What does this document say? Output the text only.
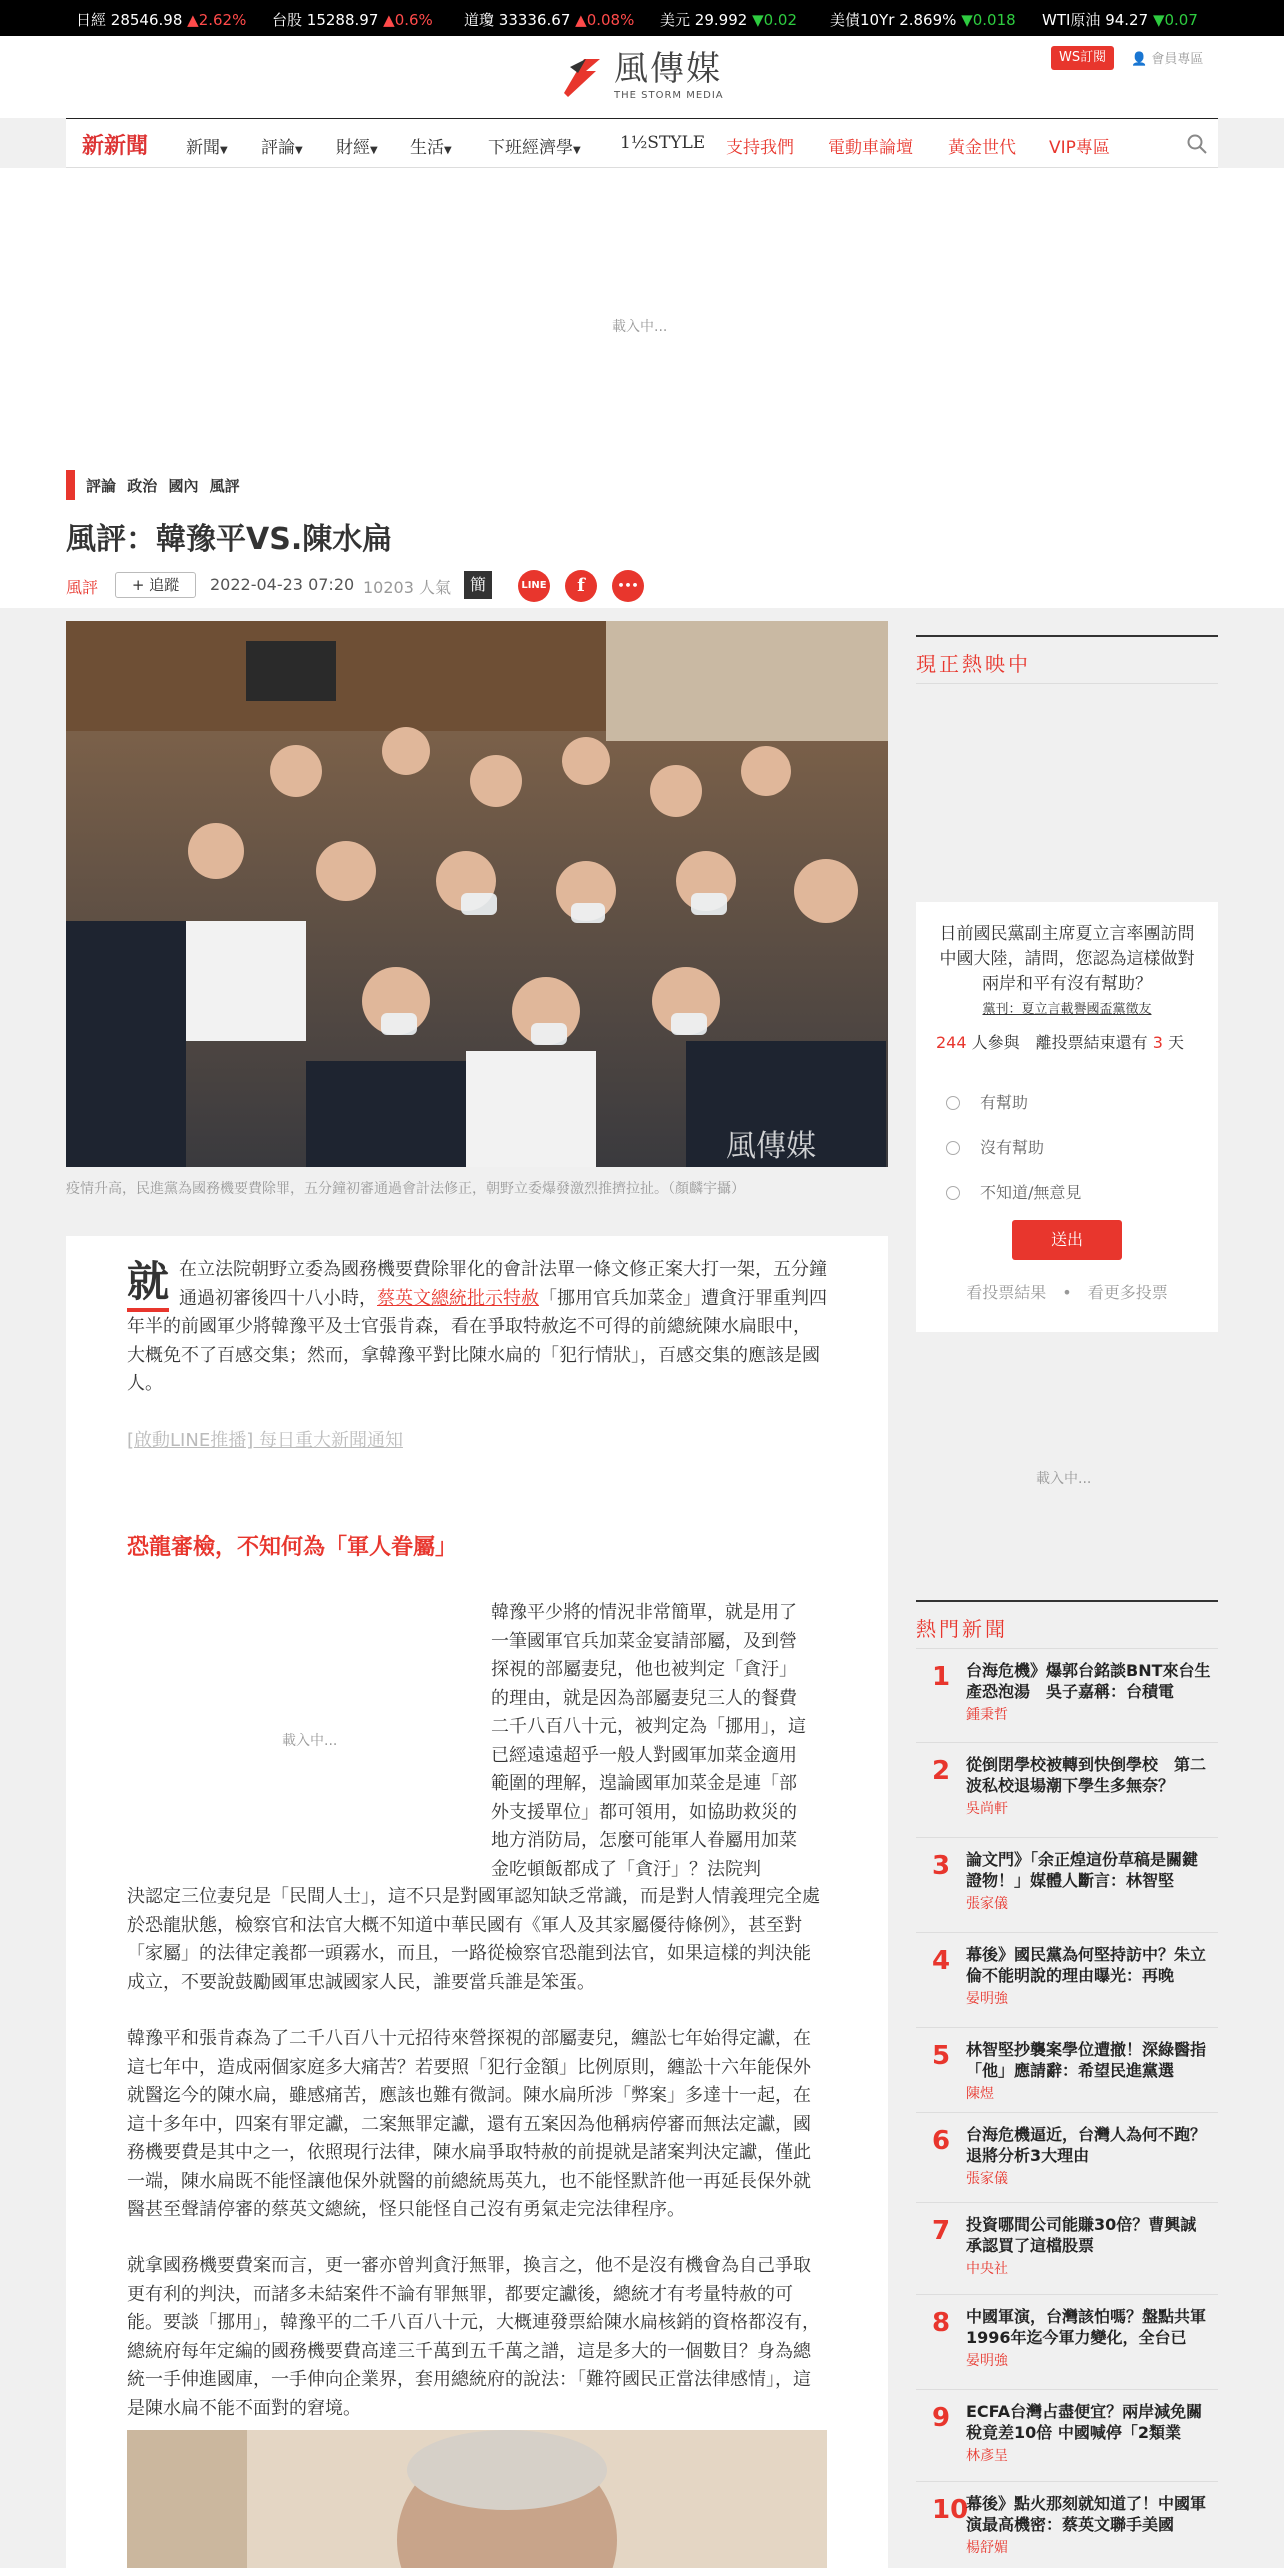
日經 28546.98 ▲2.62% 台股 15288.97 ▲0.6% 道瓊 33336.67 ▲0.08% 美元 29.992 ▼0.02 美債10Yr 2.869% ▼0.018 WTI原油 94.27 ▼0.07
風傳媒
THE STORM MEDIA
WS訂閱	👤 會員專區
新新聞 新聞▼ 評論▼ 財經▼ 生活▼ 下班經濟學▼ 1½STYLE 支持我們 電動車論壇 黃金世代 VIP專區
載入中...
評論 政治 國內 風評
風評：韓豫平VS.陳水扁
風評	+ 追蹤	2022-04-23 07:20 10203 人氣	簡	LINE	f	•••
風傳媒
疫情升高，民進黨為國務機要費除罪，五分鐘初審通過會計法修正，朝野立委爆發激烈推擠拉扯。（顏麟宇攝）
就 在立法院朝野立委為國務機要費除罪化的會計法單一條文修正案大打一架，五分鐘通過初審後四十八小時，蔡英文總統批示特赦「挪用官兵加菜金」遭貪汙罪重判四年半的前國軍少將韓豫平及士官張肯森，看在爭取特赦迄不可得的前總統陳水扁眼中，大概免不了百感交集；然而，拿韓豫平對比陳水扁的「犯行情狀」，百感交集的應該是國人。
[啟動LINE推播] 每日重大新聞通知
恐龍審檢，不知何為「軍人眷屬」
載入中...
韓豫平少將的情況非常簡單，就是用了一筆國軍官兵加菜金宴請部屬，及到營探視的部屬妻兒，他也被判定「貪汙」的理由，就是因為部屬妻兒三人的餐費二千八百八十元，被判定為「挪用」，這已經遠遠超乎一般人對國軍加菜金適用範圍的理解，遑論國軍加菜金是連「部外支援單位」都可領用，如協助救災的地方消防局，怎麼可能軍人眷屬用加菜金吃頓飯都成了「貪汙」？法院判
決認定三位妻兒是「民間人士」，這不只是對國軍認知缺乏常識，而是對人情義理完全處於恐龍狀態，檢察官和法官大概不知道中華民國有《軍人及其家屬優待條例》，甚至對「家屬」的法律定義都一頭霧水，而且，一路從檢察官恐龍到法官，如果這樣的判決能成立，不要說鼓勵國軍忠誠國家人民，誰要當兵誰是笨蛋。
韓豫平和張肯森為了二千八百八十元招待來營探視的部屬妻兒，纏訟七年始得定讞，在這七年中，造成兩個家庭多大痛苦？若要照「犯行金額」比例原則，纏訟十六年能保外就醫迄今的陳水扁，雖感痛苦，應該也難有微詞。陳水扁所涉「弊案」多達十一起，在這十多年中，四案有罪定讞，二案無罪定讞，還有五案因為他稱病停審而無法定讞，國務機要費是其中之一，依照現行法律，陳水扁爭取特赦的前提就是諸案判決定讞，僅此一端，陳水扁既不能怪讓他保外就醫的前總統馬英九，也不能怪默許他一再延長保外就醫甚至聲請停審的蔡英文總統，怪只能怪自己沒有勇氣走完法律程序。
就拿國務機要費案而言，更一審亦曾判貪汙無罪，換言之，他不是沒有機會為自己爭取更有利的判決，而諸多未結案件不論有罪無罪，都要定讞後，總統才有考量特赦的可能。要談「挪用」，韓豫平的二千八百八十元，大概連發票給陳水扁核銷的資格都沒有，總統府每年定編的國務機要費高達三千萬到五千萬之譜，這是多大的一個數目？身為總統一手伸進國庫，一手伸向企業界，套用總統府的說法：「難符國民正當法律感情」，這是陳水扁不能不面對的窘境。
現正熱映中
日前國民黨副主席夏立言率團訪問中國大陸，請問，您認為這樣做對兩岸和平有沒有幫助？
黨刊：夏立言載譽國盃黨徵友
244 人參與　離投票結束還有 3 天
有幫助
沒有幫助
不知道/無意見
送出
看投票結果　 •　 看更多投票
載入中...
熱門新聞
1 台海危機》爆郭台銘談BNT來台生產恐泡湯　吳子嘉稱：台積電
鍾秉哲
2 從倒閉學校被轉到快倒學校　第二波私校退場潮下學生多無奈？
吳尚軒
3 論文門》「余正煌這份草稿是關鍵證物！」媒體人斷言：林智堅
張家儀
4 幕後》國民黨為何堅持訪中？朱立倫不能明說的理由曝光：再晚
晏明強
5 林智堅抄襲案學位遭撤！深綠醫指「他」應請辭：希望民進黨選
陳煜
6 台海危機逼近，台灣人為何不跑？退將分析3大理由
張家儀
7 投資哪間公司能賺30倍？曹興誠承認買了這檔股票
中央社
8 中國軍演，台灣該怕嗎？盤點共軍1996年迄今軍力變化，全台已
晏明強
9 ECFA台灣占盡便宜？兩岸減免關稅竟差10倍 中國喊停「2類業
林彥呈
10
幕後》點火那刻就知道了！中國軍演最高機密：蔡英文聯手美國
楊舒媚
